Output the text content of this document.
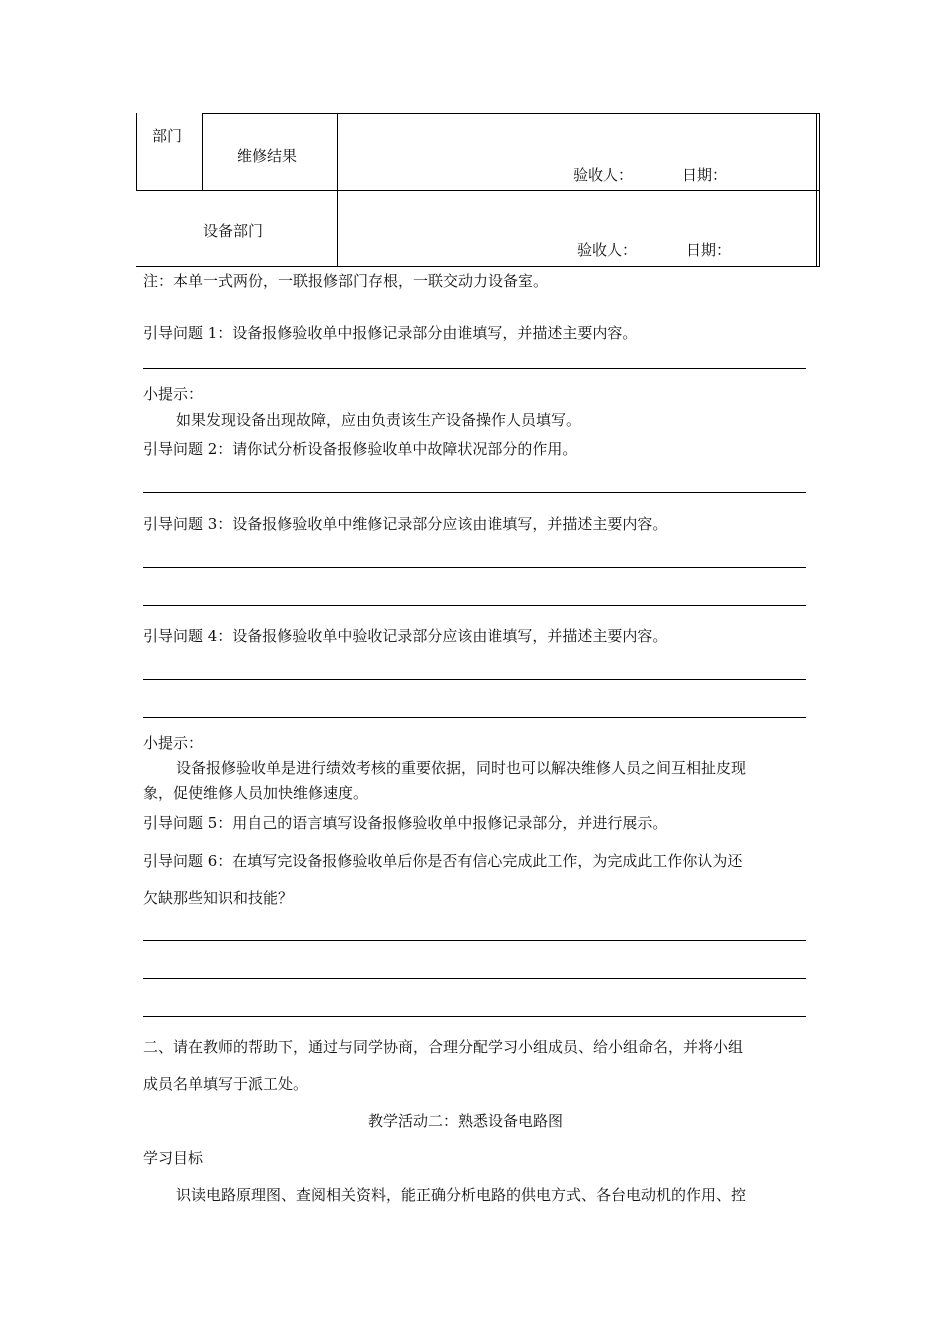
部门
维修结果
验收人：	日期：
设备部门
验收人：	日期：
注：本单一式两份，一联报修部门存根，一联交动力设备室。
引导问题 1：设备报修验收单中报修记录部分由谁填写，并描述主要内容。
小提示：
如果发现设备出现故障，应由负责该生产设备操作人员填写。
引导问题 2：请你试分析设备报修验收单中故障状况部分的作用。
引导问题 3：设备报修验收单中维修记录部分应该由谁填写，并描述主要内容。
引导问题 4：设备报修验收单中验收记录部分应该由谁填写，并描述主要内容。
小提示：
设备报修验收单是进行绩效考核的重要依据，同时也可以解决维修人员之间互相扯皮现
象，促使维修人员加快维修速度。
引导问题 5：用自己的语言填写设备报修验收单中报修记录部分，并进行展示。
引导问题 6：在填写完设备报修验收单后你是否有信心完成此工作，为完成此工作你认为还
欠缺那些知识和技能？
二、请在教师的帮助下，通过与同学协商，合理分配学习小组成员、给小组命名，并将小组
成员名单填写于派工处。
教学活动二：熟悉设备电路图
学习目标
识读电路原理图、查阅相关资料，能正确分析电路的供电方式、各台电动机的作用、控
